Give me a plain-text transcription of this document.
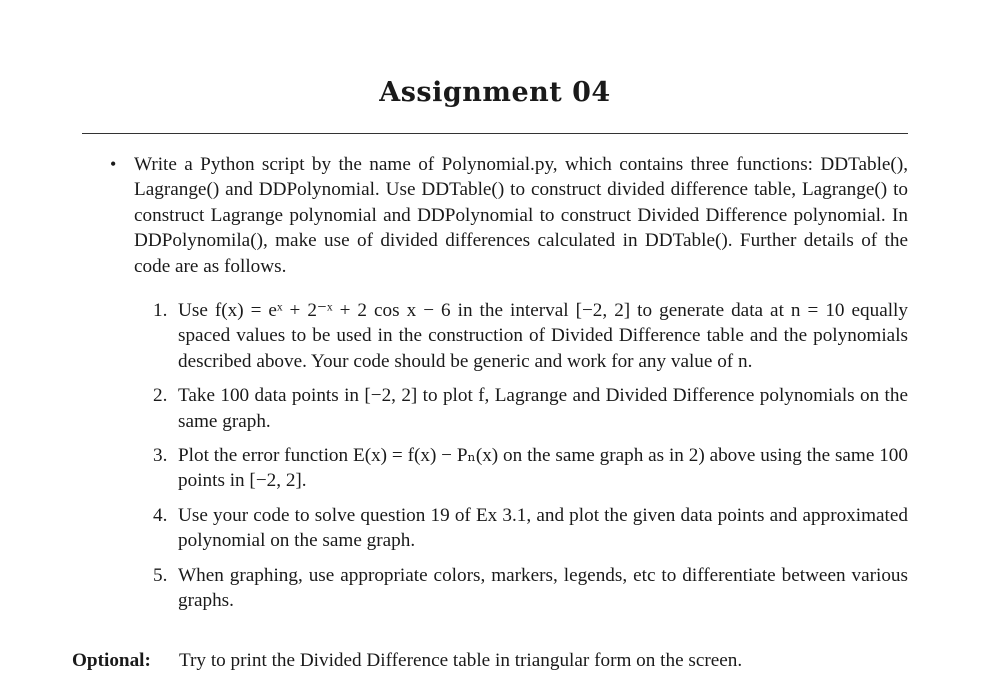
Assignment 04
• Write a Python script by the name of Polynomial.py, which contains three functions: DDTable(), Lagrange() and DDPolynomial. Use DDTable() to construct divided difference table, Lagrange() to construct Lagrange polynomial and DDPolynomial to construct Divided Difference polynomial. In DDPolynomila(), make use of divided differences calculated in DDTable(). Further details of the code are as follows.
1. Use f(x) = eˣ + 2⁻ˣ + 2 cos x − 6 in the interval [−2, 2] to generate data at n = 10 equally spaced values to be used in the construction of Divided Difference table and the polynomials described above. Your code should be generic and work for any value of n.
2. Take 100 data points in [−2, 2] to plot f, Lagrange and Divided Difference polynomials on the same graph.
3. Plot the error function E(x) = f(x) − Pₙ(x) on the same graph as in 2) above using the same 100 points in [−2, 2].
4. Use your code to solve question 19 of Ex 3.1, and plot the given data points and approximated polynomial on the same graph.
5. When graphing, use appropriate colors, markers, legends, etc to differentiate between various graphs.
Optional:	Try to print the Divided Difference table in triangular form on the screen.
